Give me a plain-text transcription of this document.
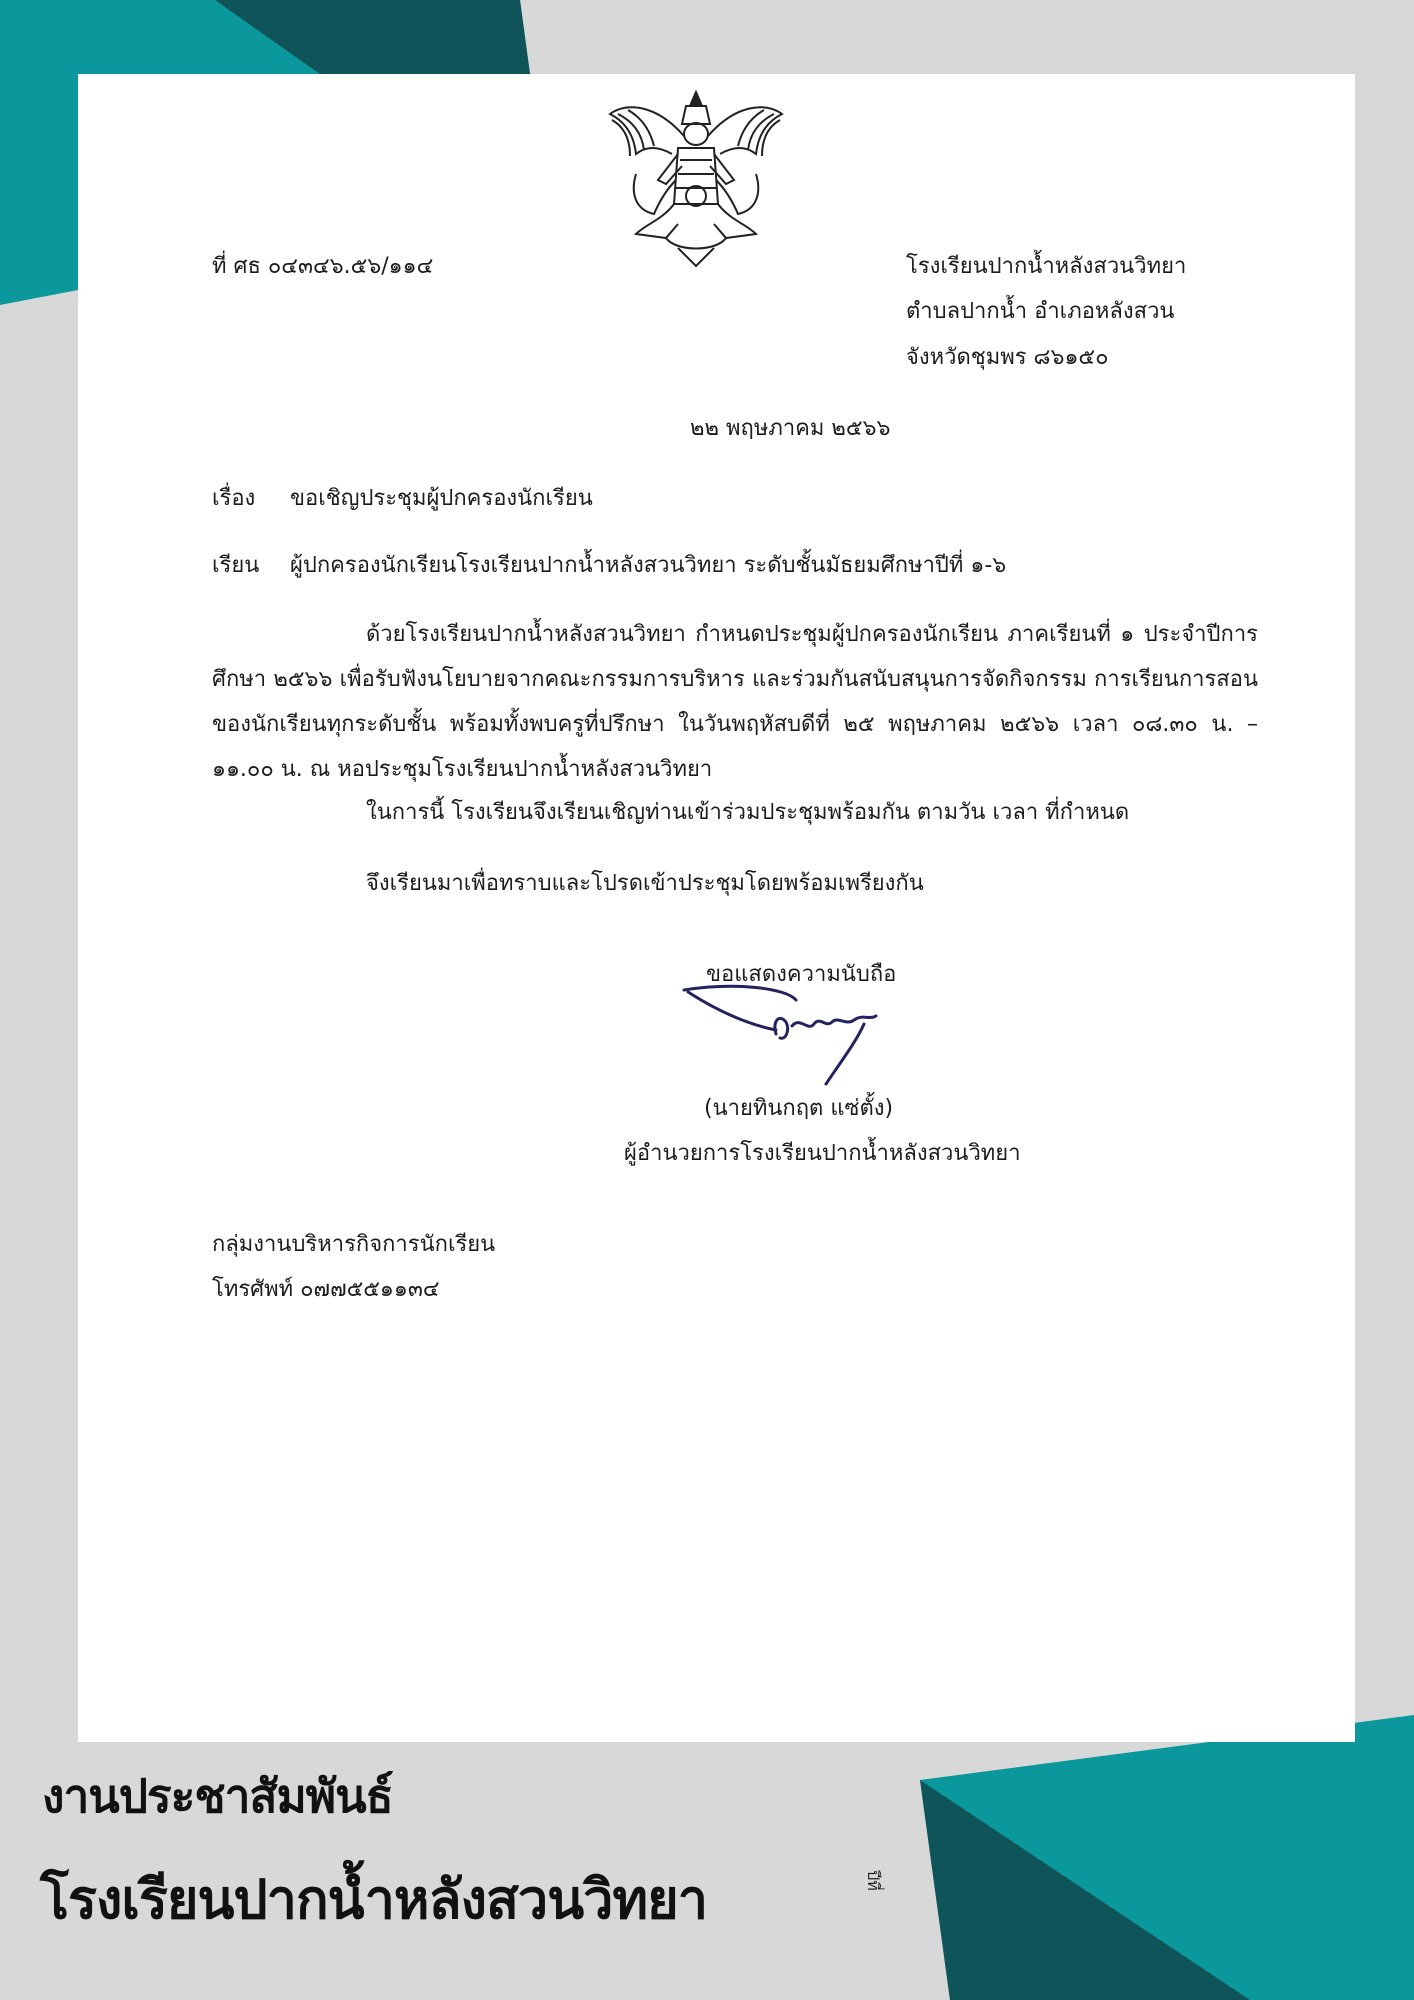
ที่ ศธ ๐๔๓๔๖.๕๖/๑๑๔	โรงเรียนปากน้ำหลังสวนวิทยา
ตำบลปากน้ำ อำเภอหลังสวน
จังหวัดชุมพร ๘๖๑๕๐
๒๒ พฤษภาคม ๒๕๖๖
เรื่อง ขอเชิญประชุมผู้ปกครองนักเรียน
เรียน ผู้ปกครองนักเรียนโรงเรียนปากน้ำหลังสวนวิทยา ระดับชั้นมัธยมศึกษาปีที่ ๑-๖

ด้วยโรงเรียนปากน้ำหลังสวนวิทยา กำหนดประชุมผู้ปกครองนักเรียน ภาคเรียนที่ ๑ ประจำปีการศึกษา ๒๕๖๖ เพื่อรับฟังนโยบายจากคณะกรรมการบริหาร และร่วมกันสนับสนุนการจัดกิจกรรม การเรียนการสอนของนักเรียนทุกระดับชั้น พร้อมทั้งพบครูที่ปรึกษา ในวันพฤหัสบดีที่ ๒๕ พฤษภาคม ๒๕๖๖ เวลา ๐๘.๓๐ น. – ๑๑.๐๐ น. ณ หอประชุมโรงเรียนปากน้ำหลังสวนวิทยา

ในการนี้ โรงเรียนจึงเรียนเชิญท่านเข้าร่วมประชุมพร้อมกัน ตามวัน เวลา ที่กำหนด
จึงเรียนมาเพื่อทราบและโปรดเข้าประชุมโดยพร้อมเพรียงกัน
ขอแสดงความนับถือ
(นายทินกฤต แซ่ตั้ง)
ผู้อำนวยการโรงเรียนปากน้ำหลังสวนวิทยา
กลุ่มงานบริหารกิจการนักเรียน
โทรศัพท์ ๐๗๗๕๕๑๑๓๔
งานประชาสัมพันธ์
โรงเรียนปากน้ำหลังสวนวิทยา	ปีที่
